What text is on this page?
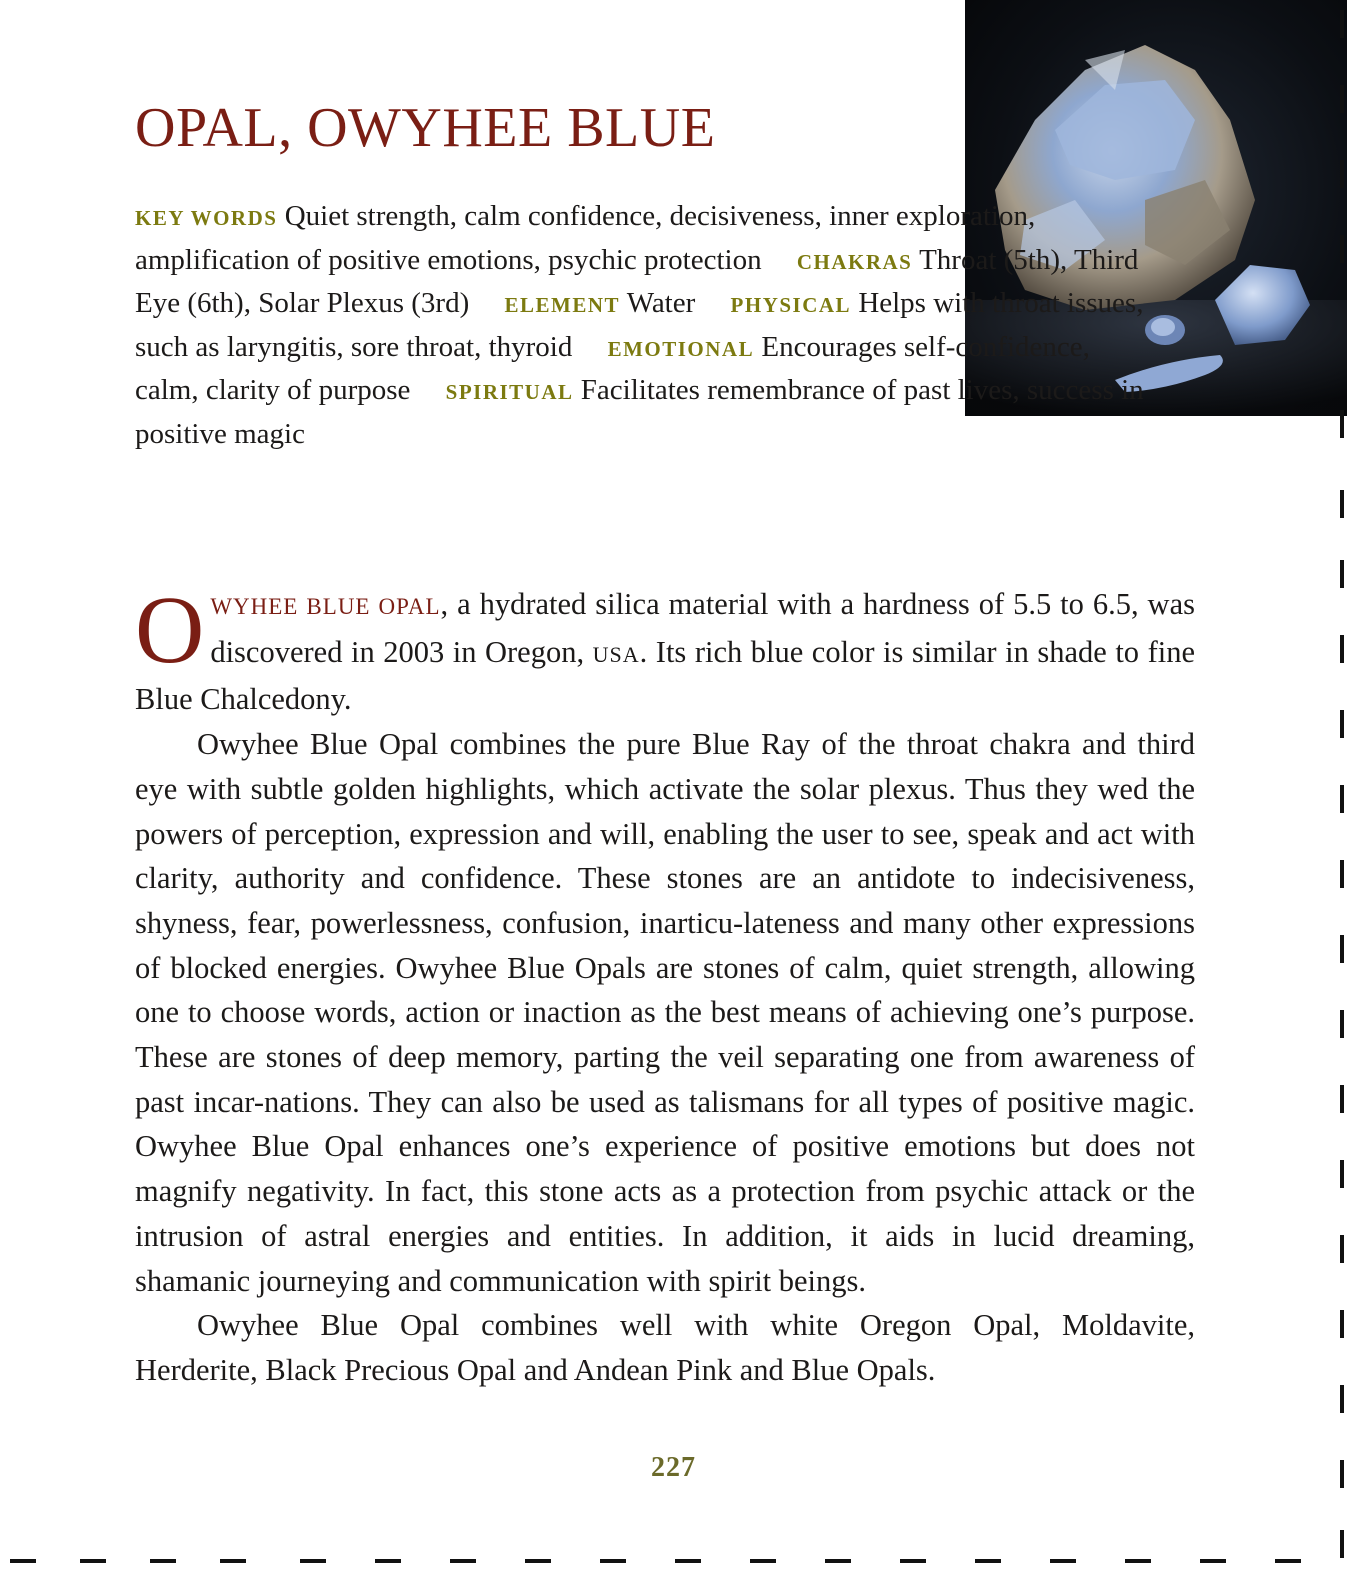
OPAL, OWYHEE BLUE

KEY WORDS Quiet strength, calm confidence, decisiveness, inner exploration, amplification of positive emotions, psychic protection CHAKRAS Throat (5th), Third Eye (6th), Solar Plexus (3rd) ELEMENT Water PHYSICAL Helps with throat issues, such as laryngitis, sore throat, thyroid EMOTIONAL Encourages self-confidence, calm, clarity of purpose SPIRITUAL Facilitates remembrance of past lives, success in positive magic

OWYHEE BLUE OPAL, a hydrated silica material with a hardness of 5.5 to 6.5, was discovered in 2003 in Oregon, USA. Its rich blue color is similar in shade to fine Blue Chalcedony.

Owyhee Blue Opal combines the pure Blue Ray of the throat chakra and third eye with subtle golden highlights, which activate the solar plexus. Thus they wed the powers of perception, expression and will, enabling the user to see, speak and act with clarity, authority and confidence. These stones are an antidote to indecisiveness, shyness, fear, powerlessness, confusion, inarticu-lateness and many other expressions of blocked energies. Owyhee Blue Opals are stones of calm, quiet strength, allowing one to choose words, action or inaction as the best means of achieving one’s purpose. These are stones of deep memory, parting the veil separating one from awareness of past incar-nations. They can also be used as talismans for all types of positive magic. Owyhee Blue Opal enhances one’s experience of positive emotions but does not magnify negativity. In fact, this stone acts as a protection from psychic attack or the intrusion of astral energies and entities. In addition, it aids in lucid dreaming, shamanic journeying and communication with spirit beings.

Owyhee Blue Opal combines well with white Oregon Opal, Moldavite, Herderite, Black Precious Opal and Andean Pink and Blue Opals.

227
